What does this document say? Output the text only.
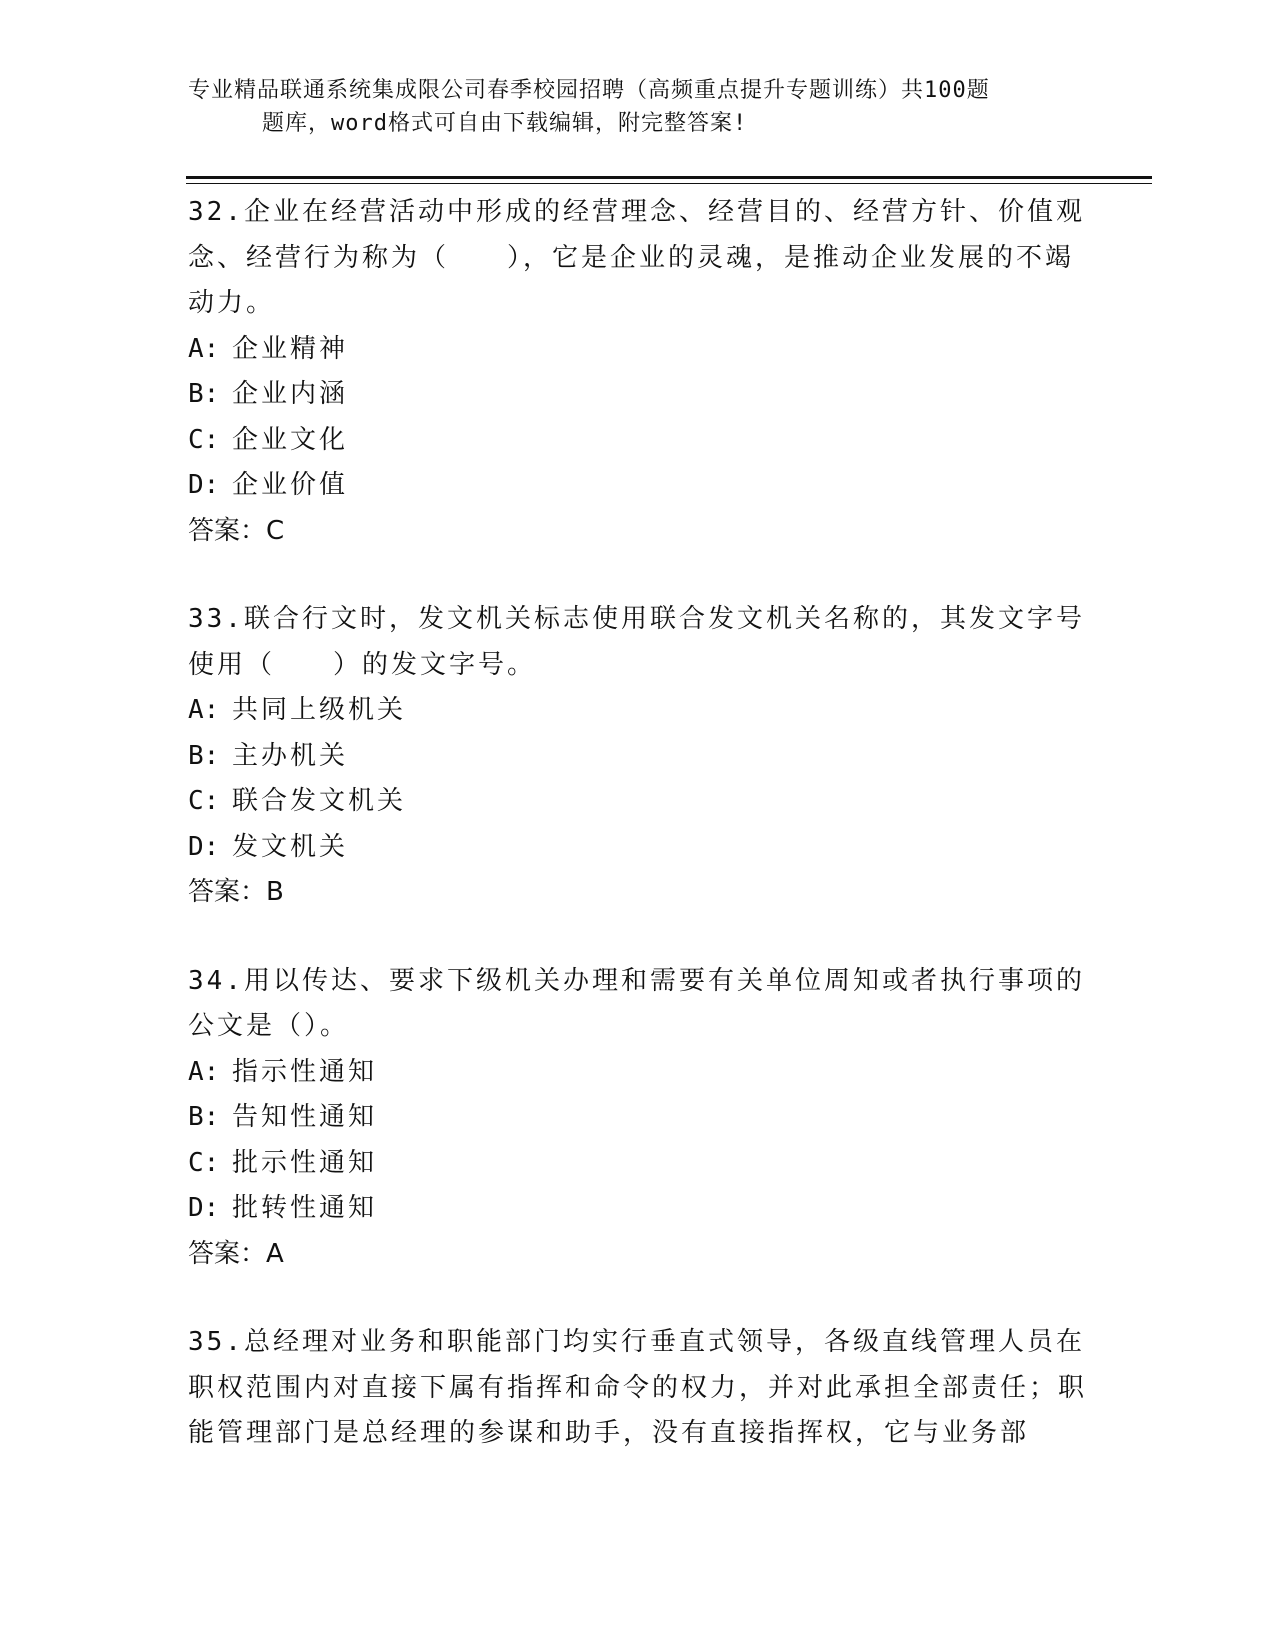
专业精品联通系统集成限公司春季校园招聘（高频重点提升专题训练）共100题
题库，word格式可自由下载编辑，附完整答案!

32.企业在经营活动中形成的经营理念、经营目的、经营方针、价值观念、经营行为称为（　　），它是企业的灵魂，是推动企业发展的不竭动力。

A: 企业精神

B: 企业内涵

C: 企业文化

D: 企业价值

答案：C

33.联合行文时，发文机关标志使用联合发文机关名称的，其发文字号使用（　　）的发文字号。

A: 共同上级机关

B: 主办机关

C: 联合发文机关

D: 发文机关

答案：B

34.用以传达、要求下级机关办理和需要有关单位周知或者执行事项的公文是（）。

A: 指示性通知

B: 告知性通知

C: 批示性通知

D: 批转性通知

答案：A

35.总经理对业务和职能部门均实行垂直式领导，各级直线管理人员在职权范围内对直接下属有指挥和命令的权力，并对此承担全部责任；职能管理部门是总经理的参谋和助手，没有直接指挥权，它与业务部
